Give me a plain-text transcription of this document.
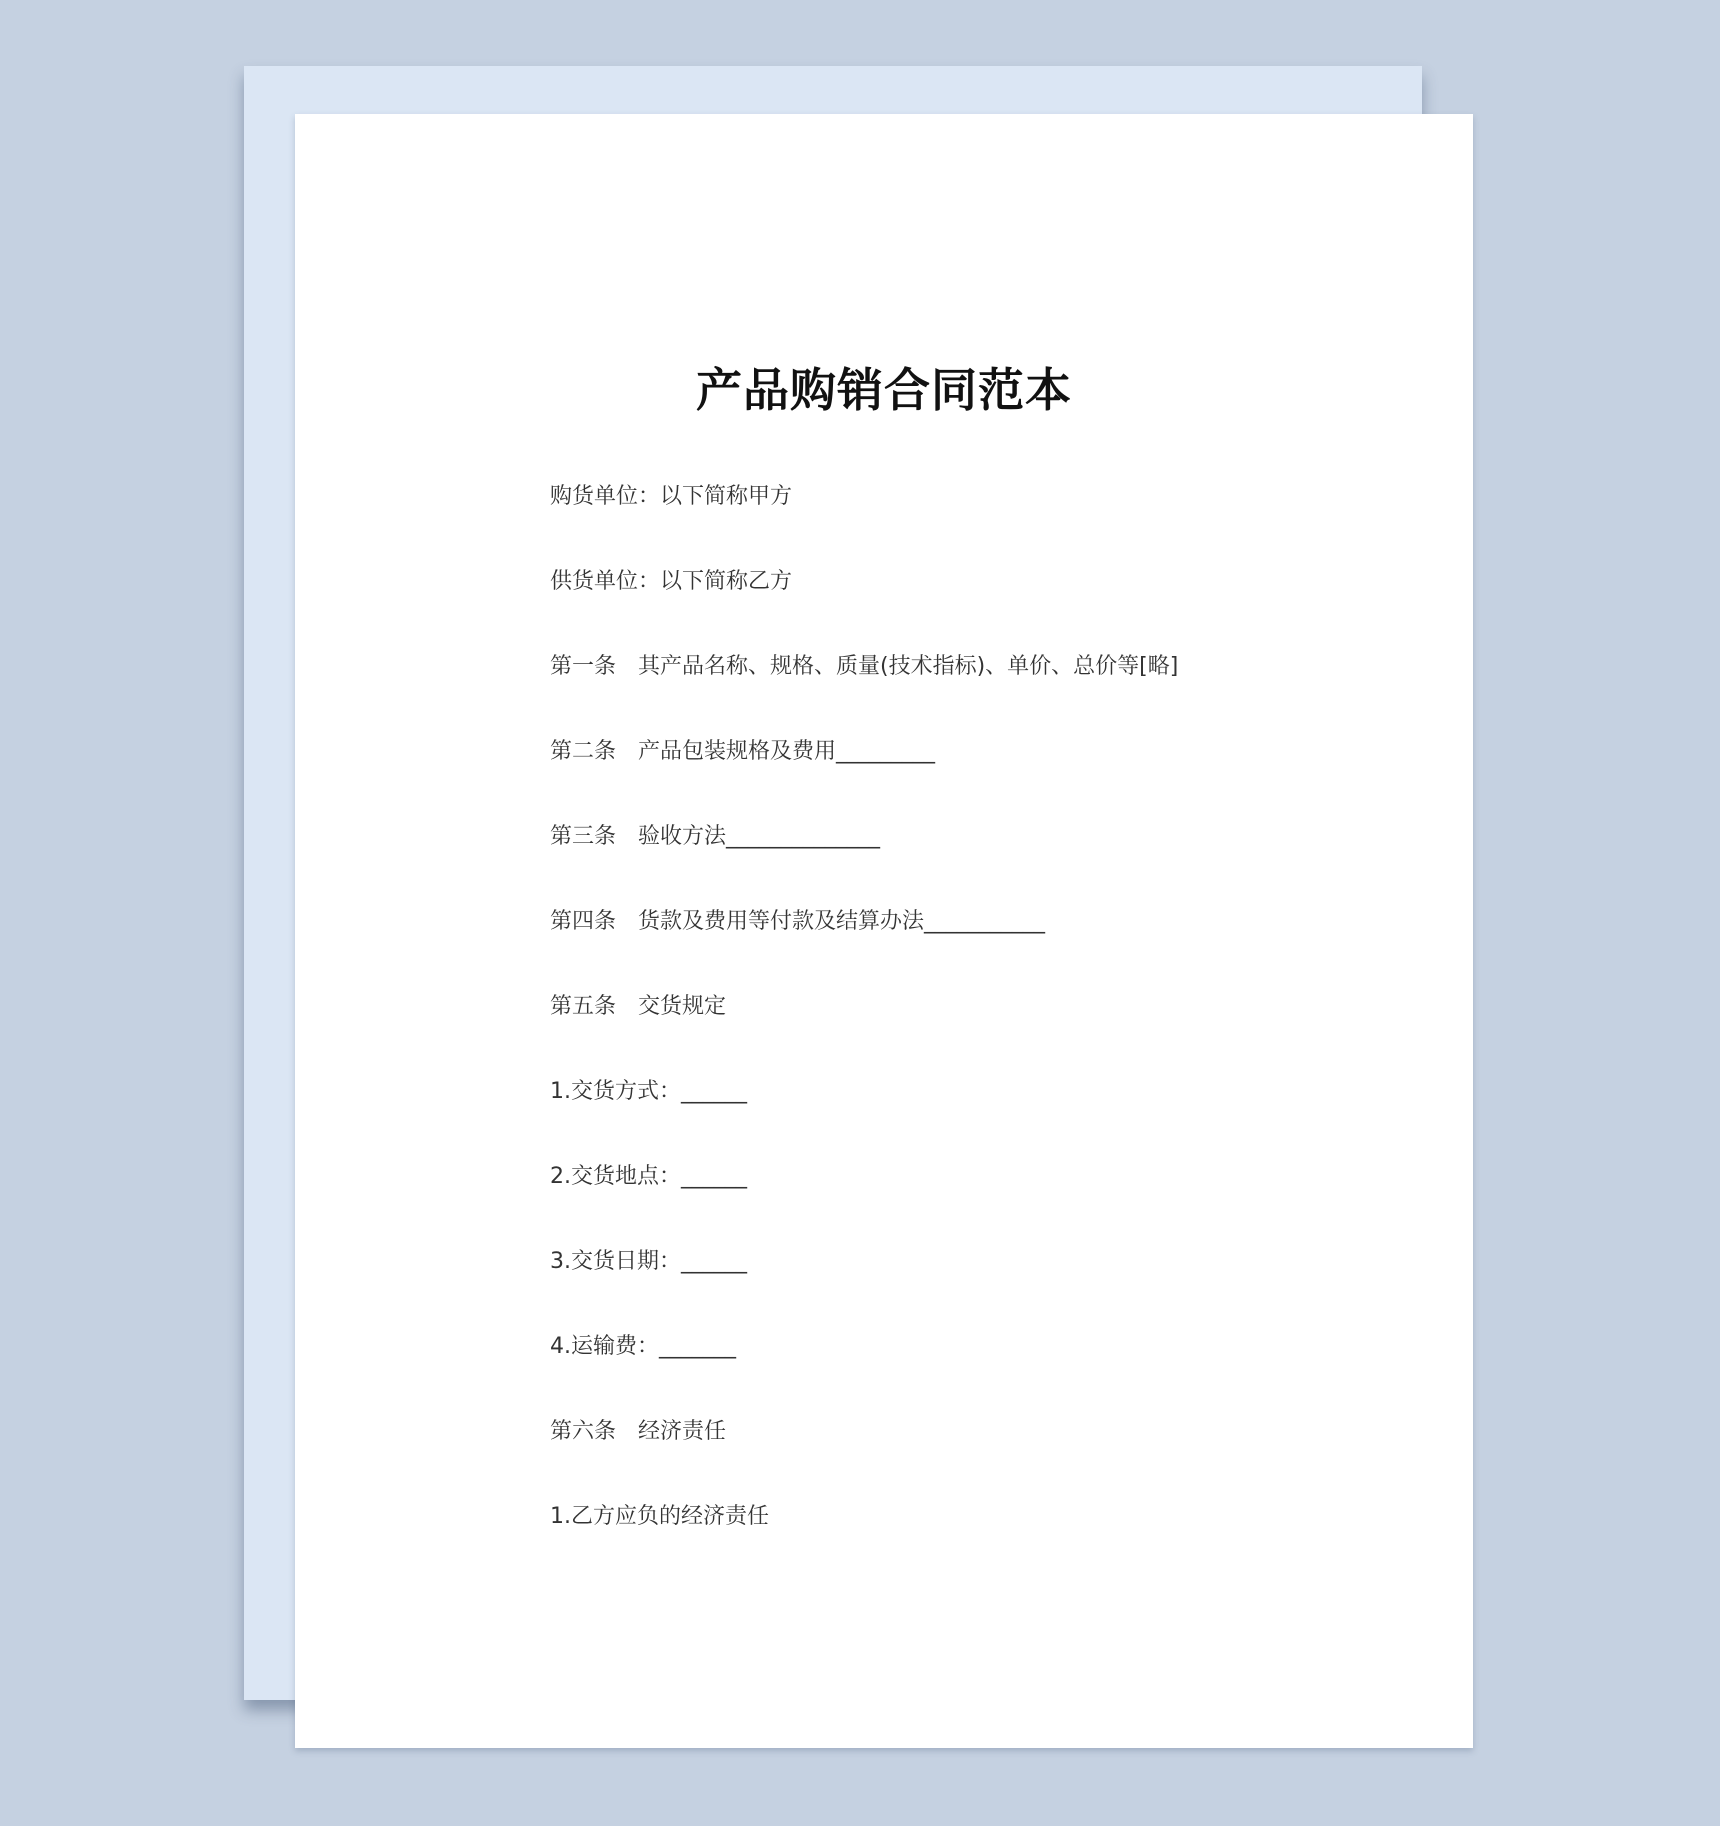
产品购销合同范本
购货单位：以下简称甲方
供货单位：以下简称乙方
第一条　其产品名称、规格、质量(技术指标)、单价、总价等[略]
第二条　产品包装规格及费用_________
第三条　验收方法______________
第四条　货款及费用等付款及结算办法___________
第五条　交货规定
1.交货方式：______
2.交货地点：______
3.交货日期：______
4.运输费：_______
第六条　经济责任
1.乙方应负的经济责任
